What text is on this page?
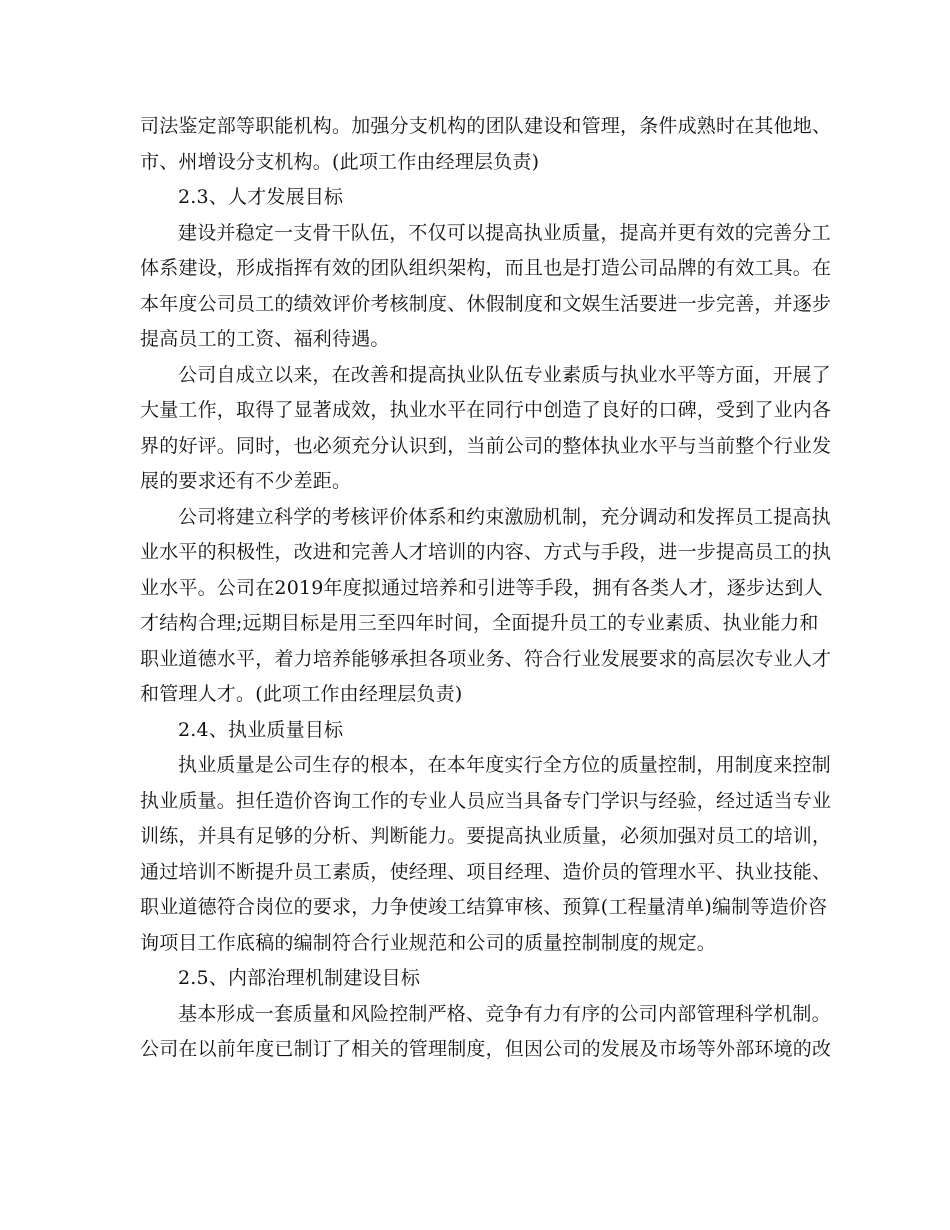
司法鉴定部等职能机构。加强分支机构的团队建设和管理，条件成熟时在其他地、
市、州增设分支机构。(此项工作由经理层负责)
2.3、人才发展目标
建设并稳定一支骨干队伍，不仅可以提高执业质量，提高并更有效的完善分工
体系建设，形成指挥有效的团队组织架构，而且也是打造公司品牌的有效工具。在
本年度公司员工的绩效评价考核制度、休假制度和文娱生活要进一步完善，并逐步
提高员工的工资、福利待遇。
公司自成立以来，在改善和提高执业队伍专业素质与执业水平等方面，开展了
大量工作，取得了显著成效，执业水平在同行中创造了良好的口碑，受到了业内各
界的好评。同时，也必须充分认识到，当前公司的整体执业水平与当前整个行业发
展的要求还有不少差距。
公司将建立科学的考核评价体系和约束激励机制，充分调动和发挥员工提高执
业水平的积极性，改进和完善人才培训的内容、方式与手段，进一步提高员工的执
业水平。公司在2019年度拟通过培养和引进等手段，拥有各类人才，逐步达到人
才结构合理;远期目标是用三至四年时间，全面提升员工的专业素质、执业能力和
职业道德水平，着力培养能够承担各项业务、符合行业发展要求的高层次专业人才
和管理人才。(此项工作由经理层负责)
2.4、执业质量目标
执业质量是公司生存的根本，在本年度实行全方位的质量控制，用制度来控制
执业质量。担任造价咨询工作的专业人员应当具备专门学识与经验，经过适当专业
训练，并具有足够的分析、判断能力。要提高执业质量，必须加强对员工的培训，
通过培训不断提升员工素质，使经理、项目经理、造价员的管理水平、执业技能、
职业道德符合岗位的要求，力争使竣工结算审核、预算(工程量清单)编制等造价咨
询项目工作底稿的编制符合行业规范和公司的质量控制制度的规定。
2.5、内部治理机制建设目标
基本形成一套质量和风险控制严格、竞争有力有序的公司内部管理科学机制。
公司在以前年度已制订了相关的管理制度，但因公司的发展及市场等外部环境的改
